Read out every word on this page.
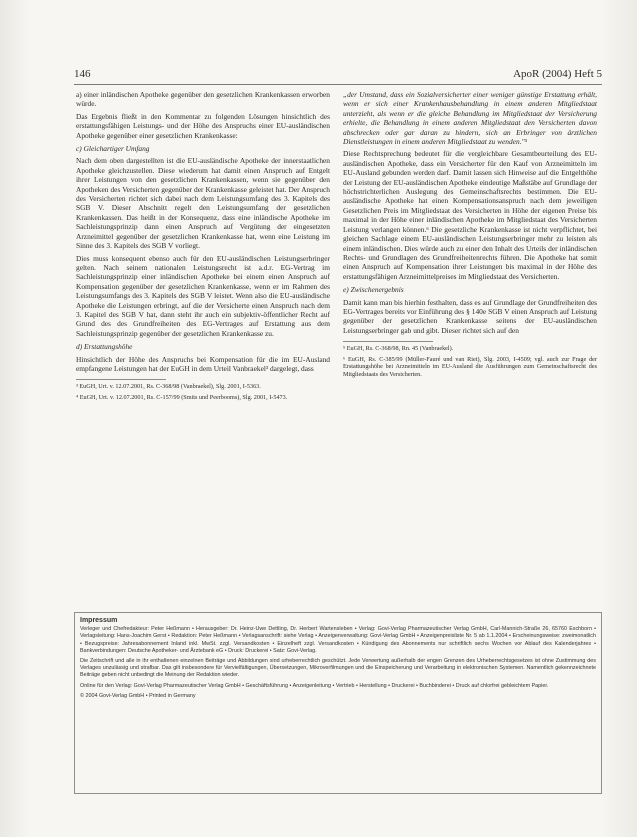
146	ApoR (2004) Heft 5

a) einer inländischen Apotheke gegenüber den gesetzlichen Krankenkassen erworben würde.

Das Ergebnis fließt in den Kommentar zu folgenden Lösungen hinsichtlich des erstattungsfähigen Leistungs- und der Höhe des Anspruchs einer EU-ausländischen Apotheke gegenüber einer gesetzlichen Krankenkasse:

c) Gleichartiger Umfang

Nach dem oben dargestellten ist die EU-ausländische Apotheke der innerstaatlichen Apotheke gleichzustellen. Diese wiederum hat damit einen Anspruch auf Entgelt ihrer Leistungen von den gesetzlichen Krankenkassen, wenn sie gegenüber den Apotheken des Versicherten gegenüber der Krankenkasse geleistet hat. Der Anspruch des Versicherten richtet sich dabei nach dem Leistungsumfang des 3. Kapitels des SGB V. Dieser Abschnitt regelt den Leistungsumfang der gesetzlichen Krankenkassen. Das heißt in der Konsequenz, dass eine inländische Apotheke im Sachleistungsprinzip dann einen Anspruch auf Vergütung der eingesetzten Arzneimittel gegenüber der gesetzlichen Krankenkasse hat, wenn eine Leistung im Sinne des 3. Kapitels des SGB V vorliegt.

Dies muss konsequent ebenso auch für den EU-ausländischen Leistungserbringer gelten. Nach seinem nationalen Leistungsrecht ist a.d.r. EG-Vertrag im Sachleistungsprinzip einer inländischen Apotheke bei einem einen Anspruch auf Kompensation gegenüber der gesetzlichen Krankenkasse, wenn er im Rahmen des Leistungsumfangs des 3. Kapitels des SGB V leistet. Wenn also die EU-ausländische Apotheke die Leistungen erbringt, auf die der Versicherte einen Anspruch nach dem 3. Kapitel des SGB V hat, dann steht ihr auch ein subjektiv-öffentlicher Recht auf Grund des des Grundfreiheiten des EG-Vertrages auf Erstattung aus dem Sachleistungsprinzip gegenüber der gesetzlichen Krankenkasse zu.

d) Erstattungshöhe

Hinsichtlich der Höhe des Anspruchs bei Kompensation für die im EU-Ausland empfangene Leistungen hat der EuGH in dem Urteil Vanbraekel³ dargelegt, dass

³ EuGH, Urt. v. 12.07.2001, Rs. C-368/98 (Vanbraekel), Slg. 2001, I-5363.

⁴ EuGH, Urt. v. 12.07.2001, Rs. C-157/99 (Smits und Peerbooms), Slg. 2001, I-5473.

„der Umstand, dass ein Sozialversicherter einer weniger günstige Erstattung erhält, wenn er sich einer Krankenhausbehandlung in einem anderen Mitgliedstaat unterzieht, als wenn er die gleiche Behandlung im Mitgliedstaat der Versicherung erhielte, die Behandlung in einem anderen Mitgliedstaat den Versicherten davon abschrecken oder gar daran zu hindern, sich an Erbringer von ärztlichen Dienstleistungen in einem anderen Mitgliedstaat zu wenden."⁵

Diese Rechtsprechung bedeutet für die vergleichbare Gesamtbeurteilung des EU-ausländischen Apotheke, dass ein Versicherter für den Kauf von Arzneimitteln im EU-Ausland gebunden werden darf. Damit lassen sich Hinweise auf die Entgelthöhe der Leistung der EU-ausländischen Apotheke eindeutige Maßstäbe auf Grundlage der höchstrichterlichen Auslegung des Gemeinschaftsrechts bestimmen. Die EU-ausländische Apotheke hat einen Kompensationsanspruch nach dem jeweiligen Gesetzlichen Preis im Mitgliedstaat des Versicherten in Höhe der eigenen Preise bis maximal in der Höhe einer inländischen Apotheke im Mitgliedstaat des Versicherten Leistung verlangen können.⁶ Die gesetzliche Krankenkasse ist nicht verpflichtet, bei gleichen Sachlage einem EU-ausländischen Leistungserbringer mehr zu leisten als einem inländischen. Dies würde auch zu einer den Inhalt des Urteils der inländischen Rechts- und Grundlagen des Grundfreiheitenrechts führen. Die Apotheke hat somit einen Anspruch auf Kompensation ihrer Leistungen bis maximal in der Höhe des erstattungsfähigen Arzneimittelpreises im Mitgliedstaat des Versicherten.

e) Zwischenergebnis

Damit kann man bis hierhin festhalten, dass es auf Grundlage der Grundfreiheiten des EG-Vertrages bereits vor Einführung des § 140e SGB V einen Anspruch auf Leistung gegenüber der gesetzlichen Krankenkasse seitens der EU-ausländischen Leistungserbringer gab und gibt. Dieser richtet sich auf den

⁵ EuGH, Rs. C-368/98, Rn. 45 (Vanbraekel).

⁶ EuGH, Rs. C-385/99 (Müller-Fauré und van Riet), Slg. 2003, I-4509; vgl. auch zur Frage der Erstattungshöhe bei Arzneimitteln im EU-Ausland die Ausführungen zum Gemeinschaftsrecht des Mitgliedstaats des Versicherten.

Impressum

Verleger und Chefredakteur: Peter Heßmann • Herausgeber: Dr. Heinz-Uwe Dettling, Dr. Herbert Wartensleben • Verlag: Govi-Verlag Pharmazeutischer Verlag GmbH, Carl-Mannich-Straße 26, 65760 Eschborn • Verlagsleitung: Hans-Joachim Gerst • Redaktion: Peter Heßmann • Verlagsanschrift: siehe Verlag • Anzeigenverwaltung: Govi-Verlag GmbH • Anzeigenpreisliste Nr. 5 ab 1.1.2004 • Erscheinungsweise: zweimonatlich • Bezugspreise: Jahresabonnement Inland inkl. MwSt. zzgl. Versandkosten • Einzelheft zzgl. Versandkosten • Kündigung des Abonnements nur schriftlich sechs Wochen vor Ablauf des Kalenderjahres • Bankverbindungen: Deutsche Apotheker- und Ärztebank eG • Druck: Druckerei • Satz: Govi-Verlag.

Die Zeitschrift und alle in ihr enthaltenen einzelnen Beiträge und Abbildungen sind urheberrechtlich geschützt. Jede Verwertung außerhalb der engen Grenzen des Urheberrechtsgesetzes ist ohne Zustimmung des Verlages unzulässig und strafbar. Das gilt insbesondere für Vervielfältigungen, Übersetzungen, Mikroverfilmungen und die Einspeicherung und Verarbeitung in elektronischen Systemen. Namentlich gekennzeichnete Beiträge geben nicht unbedingt die Meinung der Redaktion wieder.

Online für den Verlag: Govi-Verlag Pharmazeutischer Verlag GmbH • Geschäftsführung • Anzeigenleitung • Vertrieb • Herstellung • Druckerei • Buchbinderei • Druck auf chlorfrei gebleichtem Papier.

© 2004 Govi-Verlag GmbH • Printed in Germany
